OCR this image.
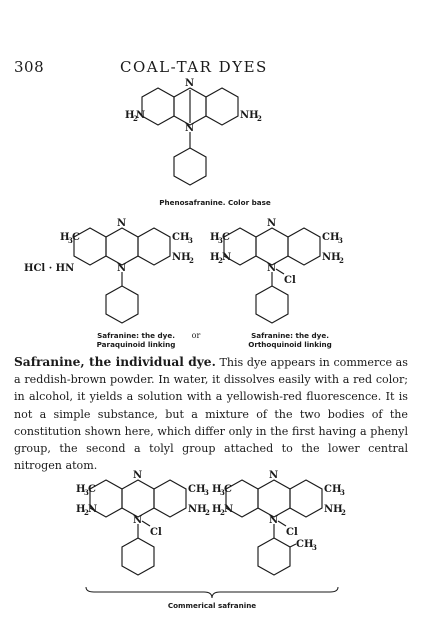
308	COAL-TAR DYES
N
N
H
2
N	NH
2
Phenosafranine. Color base
N
N
H
3 C	CH
3
HCl · HN
NH
2
Safranine: the dye.
Paraquinoid linking
or
N
N
Cl
H
3 C	CH
3
H
2 N	NH
2
Safranine: the dye.
Orthoquinoid linking
Safranine, the individual dye. This dye appears in commerce as a reddish-brown powder. In water, it dissolves easily with a red color; in alcohol, it yields a solution with a yellowish-red fluorescence. It is not a simple substance, but a mixture of the two bodies of the constitution shown here, which differ only in the first having a phenyl group, the second a tolyl group attached to the lower central nitrogen atom.
N
N
Cl
H
3 C	CH
3
H
2 N	NH
2
N
N
Cl
H
3 C	CH
3
H
2 N	NH
2
CH
3
Commerical safranine
